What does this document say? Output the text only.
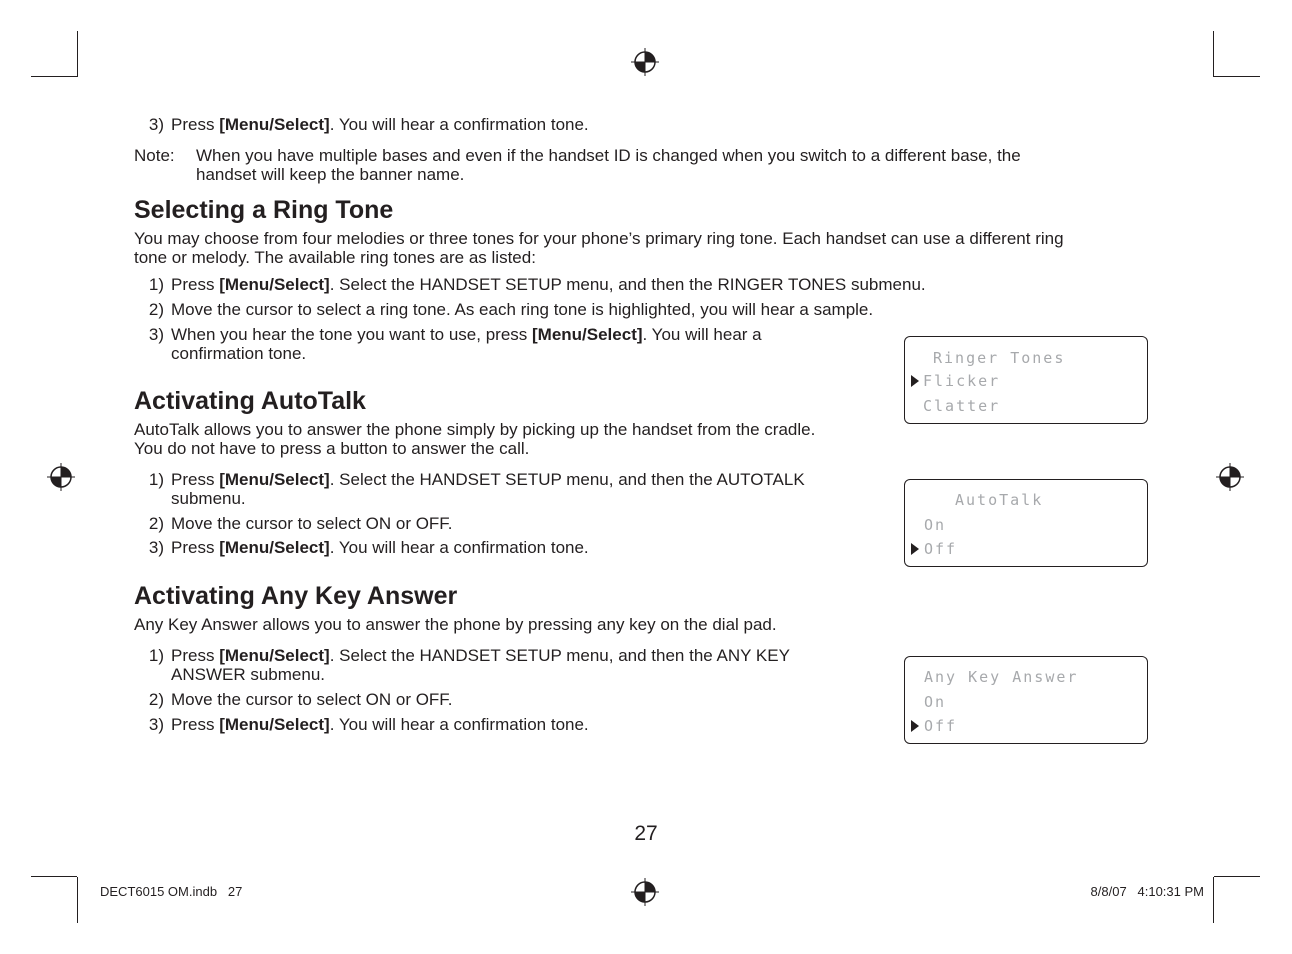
3) Press [Menu/Select]. You will hear a confirmation tone.
Note: When you have multiple bases and even if the handset ID is changed when you switch to a different base, the
handset will keep the banner name.
Selecting a Ring Tone
You may choose from four melodies or three tones for your phone’s primary ring tone. Each handset can use a different ring
tone or melody. The available ring tones are as listed:
1) Press [Menu/Select]. Select the HANDSET SETUP menu, and then the RINGER TONES submenu.
2) Move the cursor to select a ring tone. As each ring tone is highlighted, you will hear a sample.
3) When you hear the tone you want to use, press [Menu/Select]. You will hear a
confirmation tone.	Ringer Tones
Flicker
Clatter
Activating AutoTalk
AutoTalk allows you to answer the phone simply by picking up the handset from the cradle.
You do not have to press a button to answer the call.
1) Press [Menu/Select]. Select the HANDSET SETUP menu, and then the AUTOTALK
submenu.
2) Move the cursor to select ON or OFF.
3) Press [Menu/Select]. You will hear a confirmation tone.
AutoTalk
On
Off
Activating Any Key Answer
Any Key Answer allows you to answer the phone by pressing any key on the dial pad.
1) Press [Menu/Select]. Select the HANDSET SETUP menu, and then the ANY KEY
ANSWER submenu.
2) Move the cursor to select ON or OFF.
3) Press [Menu/Select]. You will hear a confirmation tone.
Any Key Answer
On
Off
27
DECT6015 OM.indb   27	8/8/07   4:10:31 PM
